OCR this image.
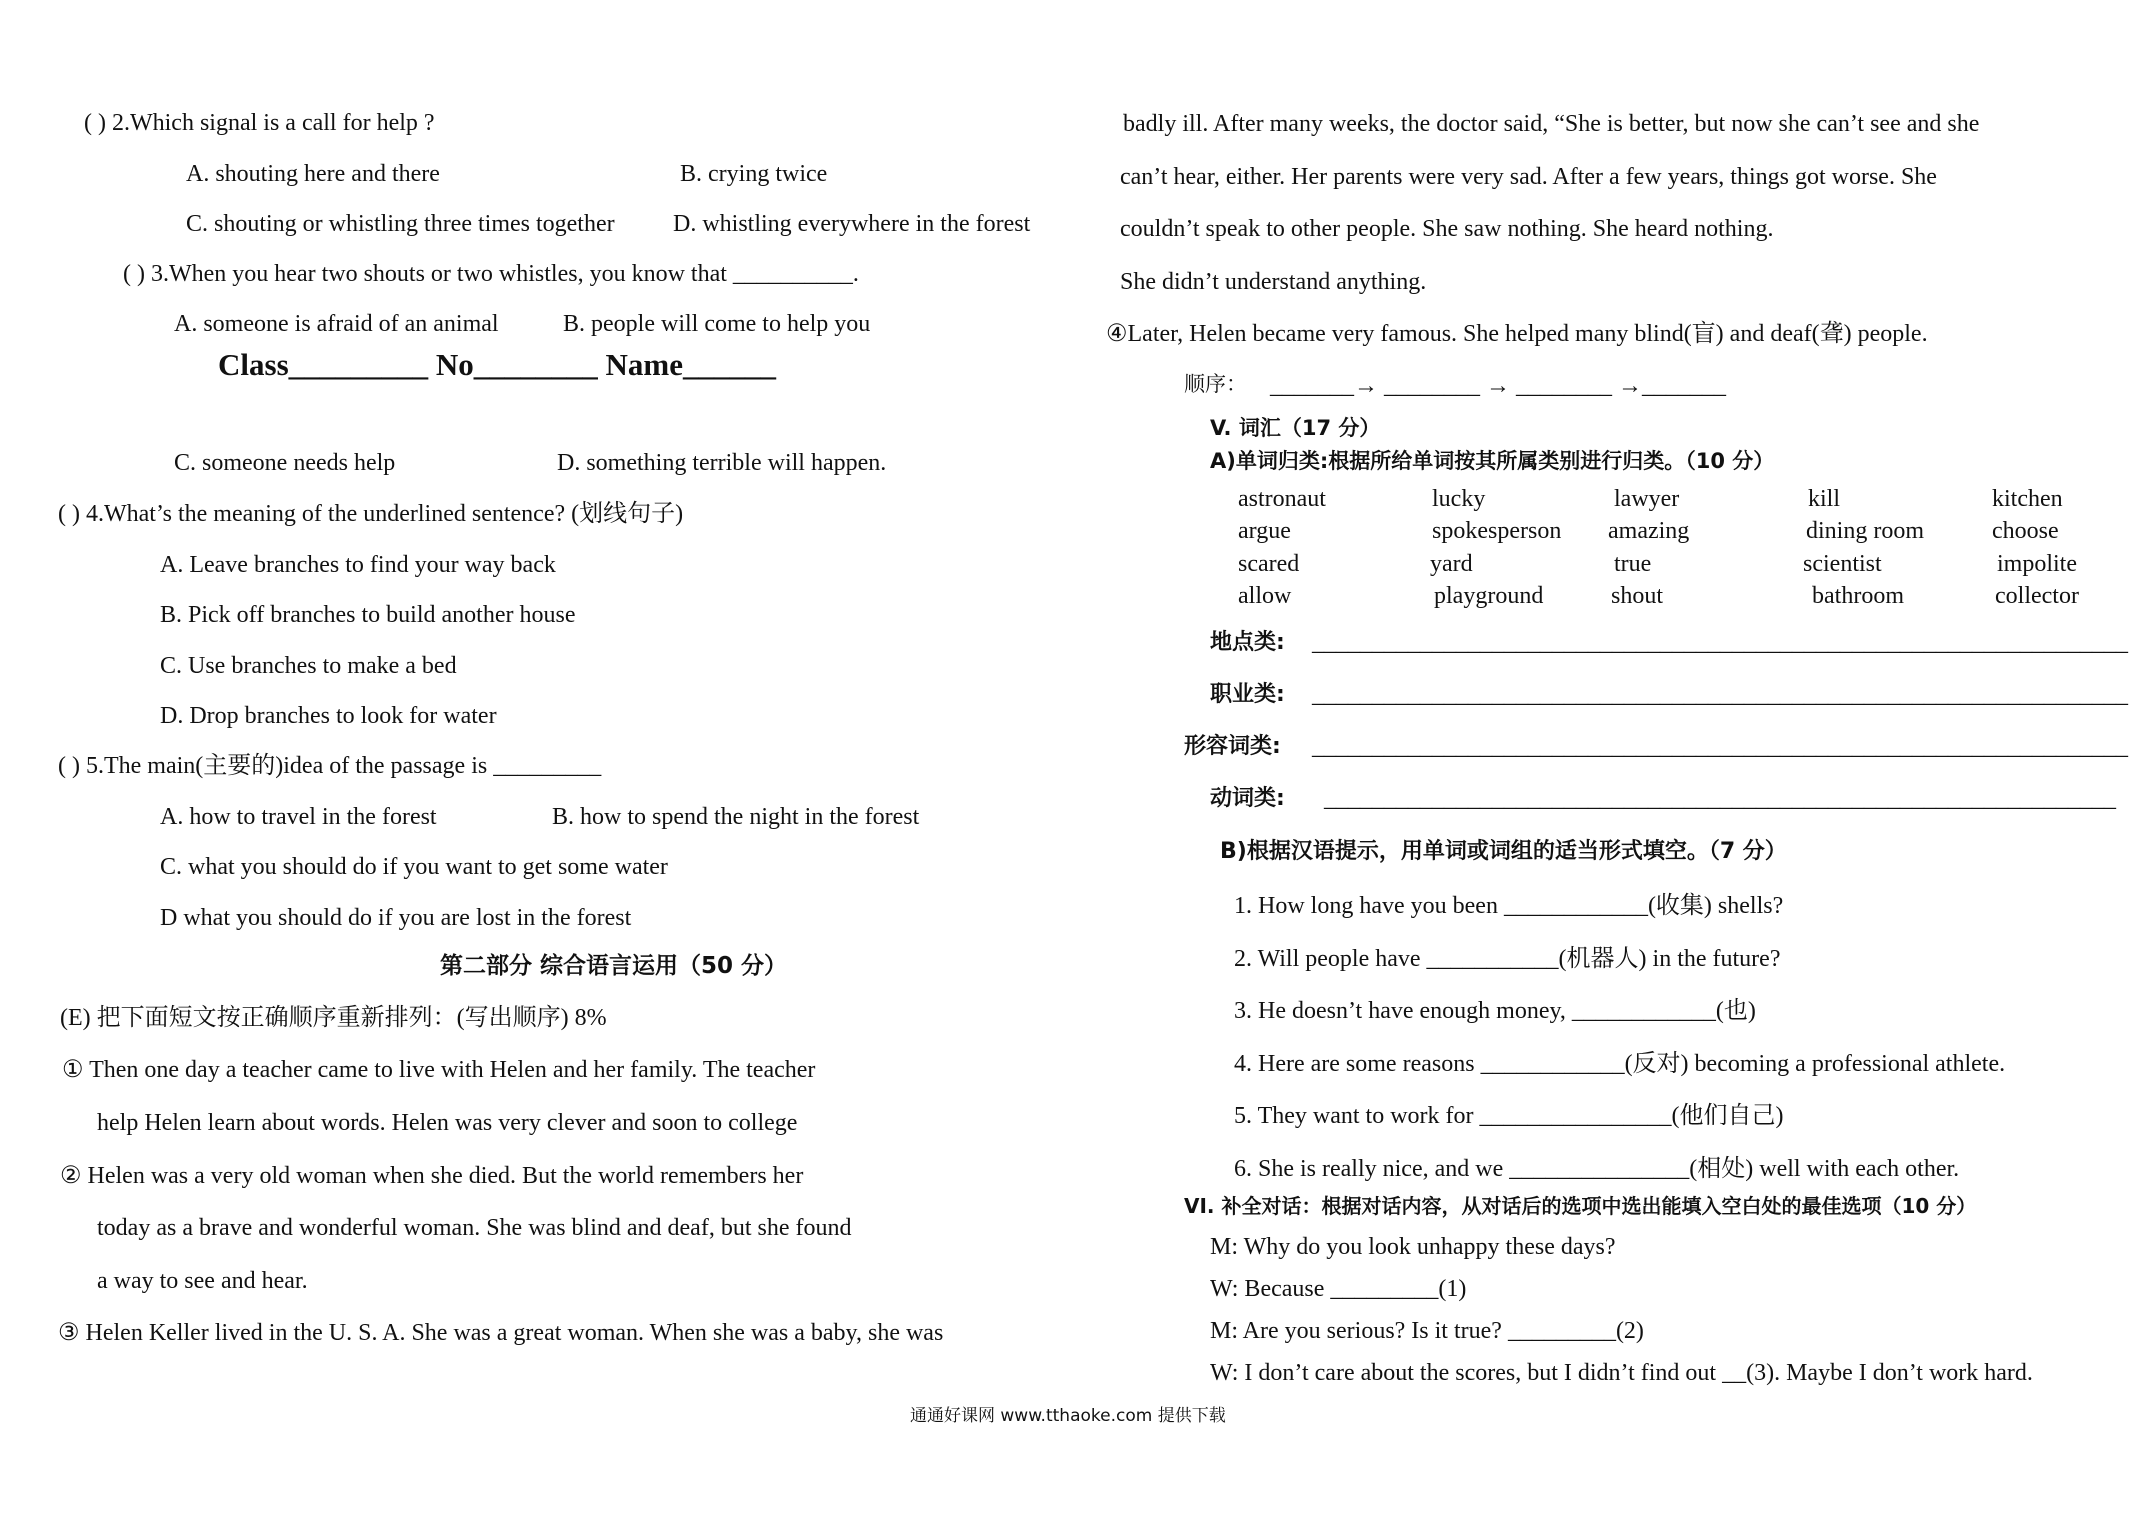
( ) 2.Which signal is a call for help ?
A. shouting here and there	B. crying twice
C. shouting or whistling three times together D. whistling everywhere in the forest
( ) 3.When you hear two shouts or two whistles, you know that __________.
A. someone is afraid of an animal	B. people will come to help you
Class_________ No________ Name______
C. someone needs help	D. something terrible will happen.
( ) 4.What’s the meaning of the underlined sentence? (划线句子)
A. Leave branches to find your way back
B. Pick off branches to build another house
C. Use branches to make a bed
D. Drop branches to look for water
( ) 5.The main(主要的)idea of the passage is _________
A. how to travel in the forest	B. how to spend the night in the forest
C. what you should do if you want to get some water
D what you should do if you are lost in the forest
第二部分 综合语言运用（50 分）
(E) 把下面短文按正确顺序重新排列：(写出顺序) 8%
① Then one day a teacher came to live with Helen and her family. The teacher
help Helen learn about words. Helen was very clever and soon to college
② Helen was a very old woman when she died. But the world remembers her
today as a brave and wonderful woman. She was blind and deaf, but she found
a way to see and hear.
③ Helen Keller lived in the U. S. A. She was a great woman. When she was a baby, she was
badly ill. After many weeks, the doctor said, “She is better, but now she can’t see and she
can’t hear, either. Her parents were very sad. After a few years, things got worse. She
couldn’t speak to other people. She saw nothing. She heard nothing.
She didn’t understand anything.
④Later, Helen became very famous. She helped many blind(盲) and deaf(聋) people.
顺序： _______→ ________ → ________ →_______
V. 词汇（17 分）
A)单词归类:根据所给单词按其所属类别进行归类。（10 分）
astronaut	lucky	lawyer	kill	kitchen
argue	spokesperson amazing	dining room	choose
scared	yard	true	scientist	impolite
allow	playground	shout	bathroom	collector
地点类: ____________________________________________________________________
职业类: ____________________________________________________________________
形容词类: ____________________________________________________________________
动词类: __________________________________________________________________
B)根据汉语提示，用单词或词组的适当形式填空。（7 分）
1. How long have you been ____________(收集) shells?
2. Will people have ___________(机器人) in the future?
3. He doesn’t have enough money, ____________(也)
4. Here are some reasons ____________(反对) becoming a professional athlete.
5. They want to work for ________________(他们自己)
6. She is really nice, and we _______________(相处) well with each other.
VI. 补全对话：根据对话内容，从对话后的选项中选出能填入空白处的最佳选项（10 分）
M: Why do you look unhappy these days?
W: Because _________(1)
M: Are you serious? Is it true? _________(2)
W: I don’t care about the scores, but I didn’t find out __(3). Maybe I don’t work hard.
通通好课网 www.tthaoke.com 提供下载
